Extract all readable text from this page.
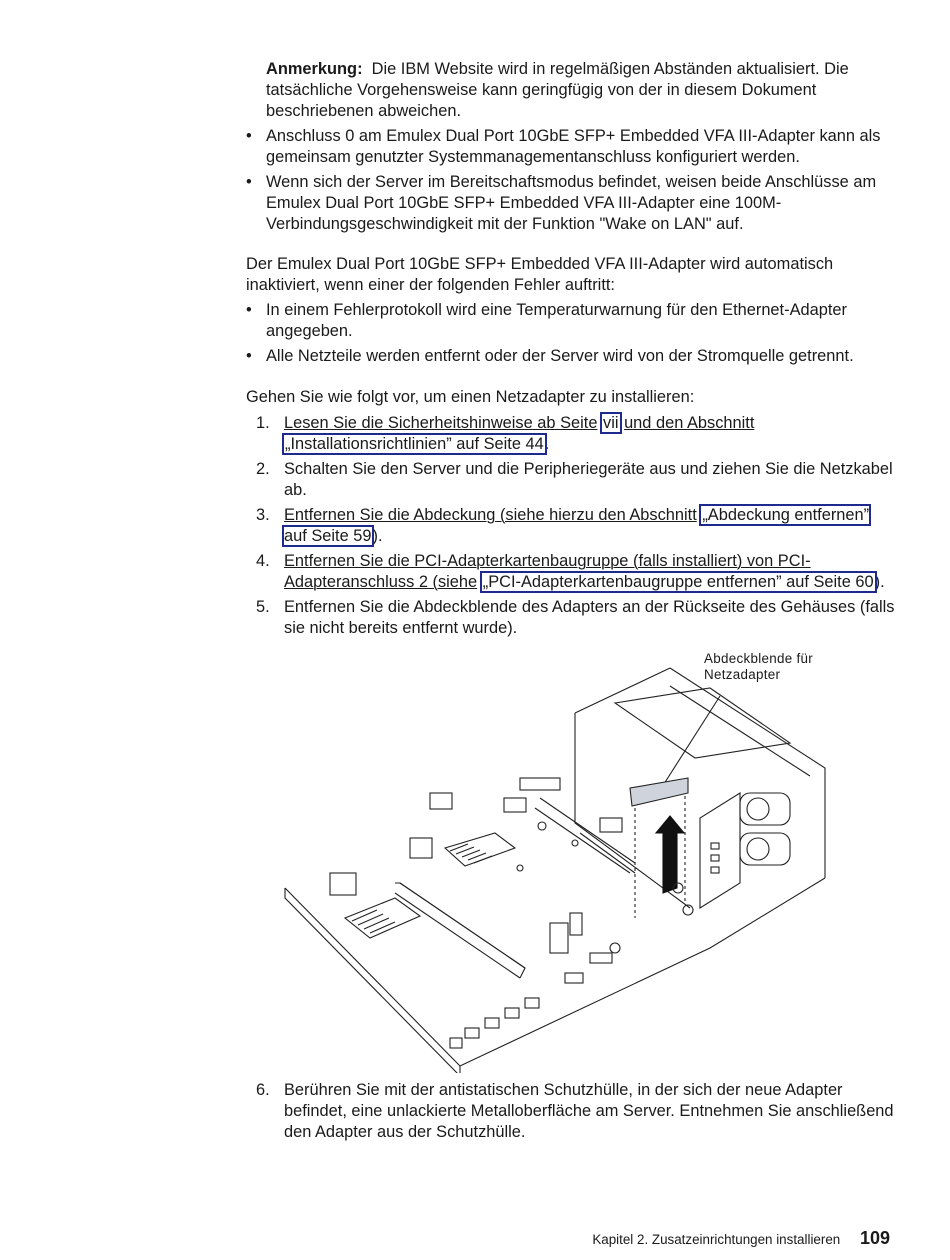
Anmerkung: Die IBM Website wird in regelmäßigen Abständen aktualisiert. Die tatsächliche Vorgehensweise kann geringfügig von der in diesem Dokument beschriebenen abweichen.

• Anschluss 0 am Emulex Dual Port 10GbE SFP+ Embedded VFA III-Adapter kann als gemeinsam genutzter Systemmanagementanschluss konfiguriert werden.
• Wenn sich der Server im Bereitschaftsmodus befindet, weisen beide Anschlüsse am Emulex Dual Port 10GbE SFP+ Embedded VFA III-Adapter eine 100M-Verbindungsgeschwindigkeit mit der Funktion "Wake on LAN" auf.

Der Emulex Dual Port 10GbE SFP+ Embedded VFA III-Adapter wird automatisch inaktiviert, wenn einer der folgenden Fehler auftritt:

• In einem Fehlerprotokoll wird eine Temperaturwarnung für den Ethernet-Adapter angegeben.
• Alle Netzteile werden entfernt oder der Server wird von der Stromquelle getrennt.

Gehen Sie wie folgt vor, um einen Netzadapter zu installieren:

1. Lesen Sie die Sicherheitshinweise ab Seite vii und den Abschnitt „Installationsrichtlinien” auf Seite 44.
2. Schalten Sie den Server und die Peripheriegeräte aus und ziehen Sie die Netzkabel ab.
3. Entfernen Sie die Abdeckung (siehe hierzu den Abschnitt „Abdeckung entfernen” auf Seite 59).
4. Entfernen Sie die PCI-Adapterkartenbaugruppe (falls installiert) von PCI-Adapteranschluss 2 (siehe „PCI-Adapterkartenbaugruppe entfernen” auf Seite 60).
5. Entfernen Sie die Abdeckblende des Adapters an der Rückseite des Gehäuses (falls sie nicht bereits entfernt wurde).
Abdeckblende für
Netzadapter
6. Berühren Sie mit der antistatischen Schutzhülle, in der sich der neue Adapter befindet, eine unlackierte Metalloberfläche am Server. Entnehmen Sie anschließend den Adapter aus der Schutzhülle.
Kapitel 2. Zusatzeinrichtungen installieren 109
